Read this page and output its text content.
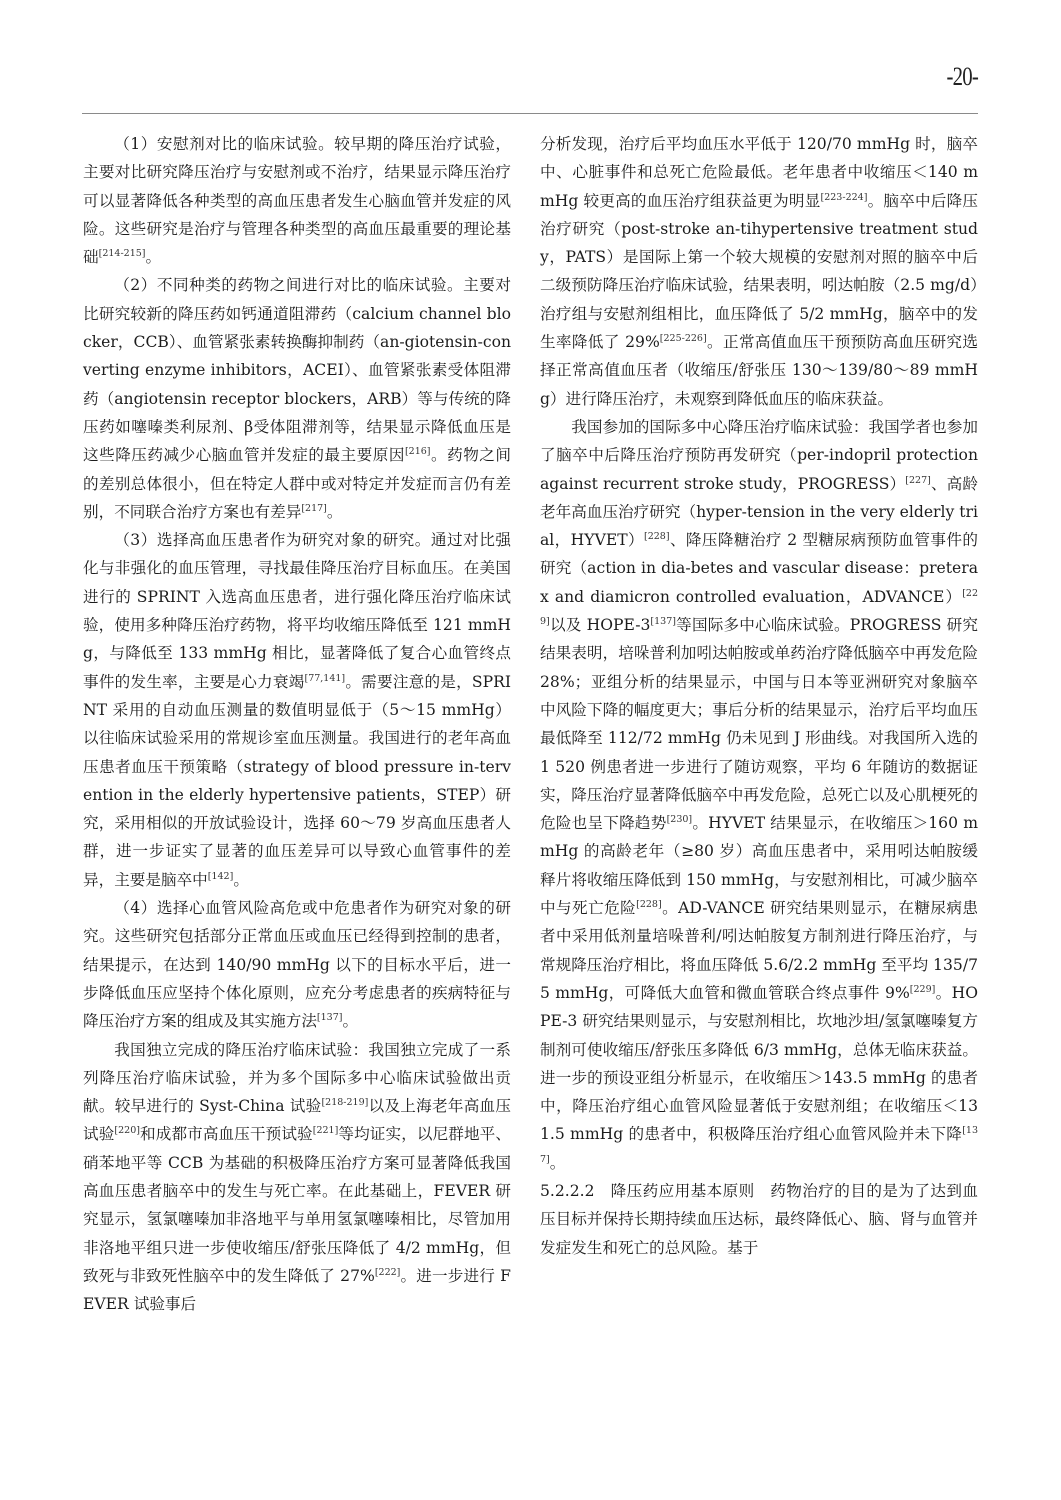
-20-

（1）安慰剂对比的临床试验。较早期的降压治疗试验，主要对比研究降压治疗与安慰剂或不治疗，结果显示降压治疗可以显著降低各种类型的高血压患者发生心脑血管并发症的风险。这些研究是治疗与管理各种类型的高血压最重要的理论基础[214-215]。

（2）不同种类的药物之间进行对比的临床试验。主要对比研究较新的降压药如钙通道阻滞药（calcium channel blocker，CCB）、血管紧张素转换酶抑制药（an-giotensin-converting enzyme inhibitors，ACEI）、血管紧张素受体阻滞药（angiotensin receptor blockers，ARB）等与传统的降压药如噻嗪类利尿剂、β受体阻滞剂等，结果显示降低血压是这些降压药减少心脑血管并发症的最主要原因[216]。药物之间的差别总体很小，但在特定人群中或对特定并发症而言仍有差别，不同联合治疗方案也有差异[217]。

（3）选择高血压患者作为研究对象的研究。通过对比强化与非强化的血压管理，寻找最佳降压治疗目标血压。在美国进行的 SPRINT 入选高血压患者，进行强化降压治疗临床试验，使用多种降压治疗药物，将平均收缩压降低至 121 mmHg，与降低至 133 mmHg 相比，显著降低了复合心血管终点事件的发生率，主要是心力衰竭[77,141]。需要注意的是，SPRINT 采用的自动血压测量的数值明显低于（5～15 mmHg）以往临床试验采用的常规诊室血压测量。我国进行的老年高血压患者血压干预策略（strategy of blood pressure in-tervention in the elderly hypertensive patients，STEP）研究，采用相似的开放试验设计，选择 60～79 岁高血压患者人群，进一步证实了显著的血压差异可以导致心血管事件的差异，主要是脑卒中[142]。

（4）选择心血管风险高危或中危患者作为研究对象的研究。这些研究包括部分正常血压或血压已经得到控制的患者，结果提示，在达到 140/90 mmHg 以下的目标水平后，进一步降低血压应坚持个体化原则，应充分考虑患者的疾病特征与降压治疗方案的组成及其实施方法[137]。

我国独立完成的降压治疗临床试验：我国独立完成了一系列降压治疗临床试验，并为多个国际多中心临床试验做出贡献。较早进行的 Syst-China 试验[218-219]以及上海老年高血压试验[220]和成都市高血压干预试验[221]等均证实，以尼群地平、硝苯地平等 CCB 为基础的积极降压治疗方案可显著降低我国高血压患者脑卒中的发生与死亡率。在此基础上，FEVER 研究显示，氢氯噻嗪加非洛地平与单用氢氯噻嗪相比，尽管加用非洛地平组只进一步使收缩压/舒张压降低了 4/2 mmHg，但致死与非致死性脑卒中的发生降低了 27%[222]。进一步进行 FEVER 试验事后

分析发现，治疗后平均血压水平低于 120/70 mmHg 时，脑卒中、心脏事件和总死亡危险最低。老年患者中收缩压＜140 mmHg 较更高的血压治疗组获益更为明显[223-224]。脑卒中后降压治疗研究（post-stroke an-tihypertensive treatment study，PATS）是国际上第一个较大规模的安慰剂对照的脑卒中后二级预防降压治疗临床试验，结果表明，吲达帕胺（2.5 mg/d）治疗组与安慰剂组相比，血压降低了 5/2 mmHg，脑卒中的发生率降低了 29%[225-226]。正常高值血压干预预防高血压研究选择正常高值血压者（收缩压/舒张压 130～139/80～89 mmHg）进行降压治疗，未观察到降低血压的临床获益。

我国参加的国际多中心降压治疗临床试验：我国学者也参加了脑卒中后降压治疗预防再发研究（per-indopril protection against recurrent stroke study，PROGRESS）[227]、高龄老年高血压治疗研究（hyper-tension in the very elderly trial，HYVET）[228]、降压降糖治疗 2 型糖尿病预防血管事件的研究（action in dia-betes and vascular disease：preterax and diamicron controlled evaluation，ADVANCE）[229]以及 HOPE-3[137]等国际多中心临床试验。PROGRESS 研究结果表明，培哚普利加吲达帕胺或单药治疗降低脑卒中再发危险 28%；亚组分析的结果显示，中国与日本等亚洲研究对象脑卒中风险下降的幅度更大；事后分析的结果显示，治疗后平均血压最低降至 112/72 mmHg 仍未见到 J 形曲线。对我国所入选的 1 520 例患者进一步进行了随访观察，平均 6 年随访的数据证实，降压治疗显著降低脑卒中再发危险，总死亡以及心肌梗死的危险也呈下降趋势[230]。HYVET 结果显示，在收缩压＞160 mmHg 的高龄老年（≥80 岁）高血压患者中，采用吲达帕胺缓释片将收缩压降低到 150 mmHg，与安慰剂相比，可减少脑卒中与死亡危险[228]。AD-VANCE 研究结果则显示，在糖尿病患者中采用低剂量培哚普利/吲达帕胺复方制剂进行降压治疗，与常规降压治疗相比，将血压降低 5.6/2.2 mmHg 至平均 135/75 mmHg，可降低大血管和微血管联合终点事件 9%[229]。HOPE-3 研究结果则显示，与安慰剂相比，坎地沙坦/氢氯噻嗪复方制剂可使收缩压/舒张压多降低 6/3 mmHg，总体无临床获益。进一步的预设亚组分析显示，在收缩压＞143.5 mmHg 的患者中，降压治疗组心血管风险显著低于安慰剂组；在收缩压＜131.5 mmHg 的患者中，积极降压治疗组心血管风险并未下降[137]。

5.2.2.2 降压药应用基本原则 药物治疗的目的是为了达到血压目标并保持长期持续血压达标，最终降低心、脑、肾与血管并发症发生和死亡的总风险。基于
